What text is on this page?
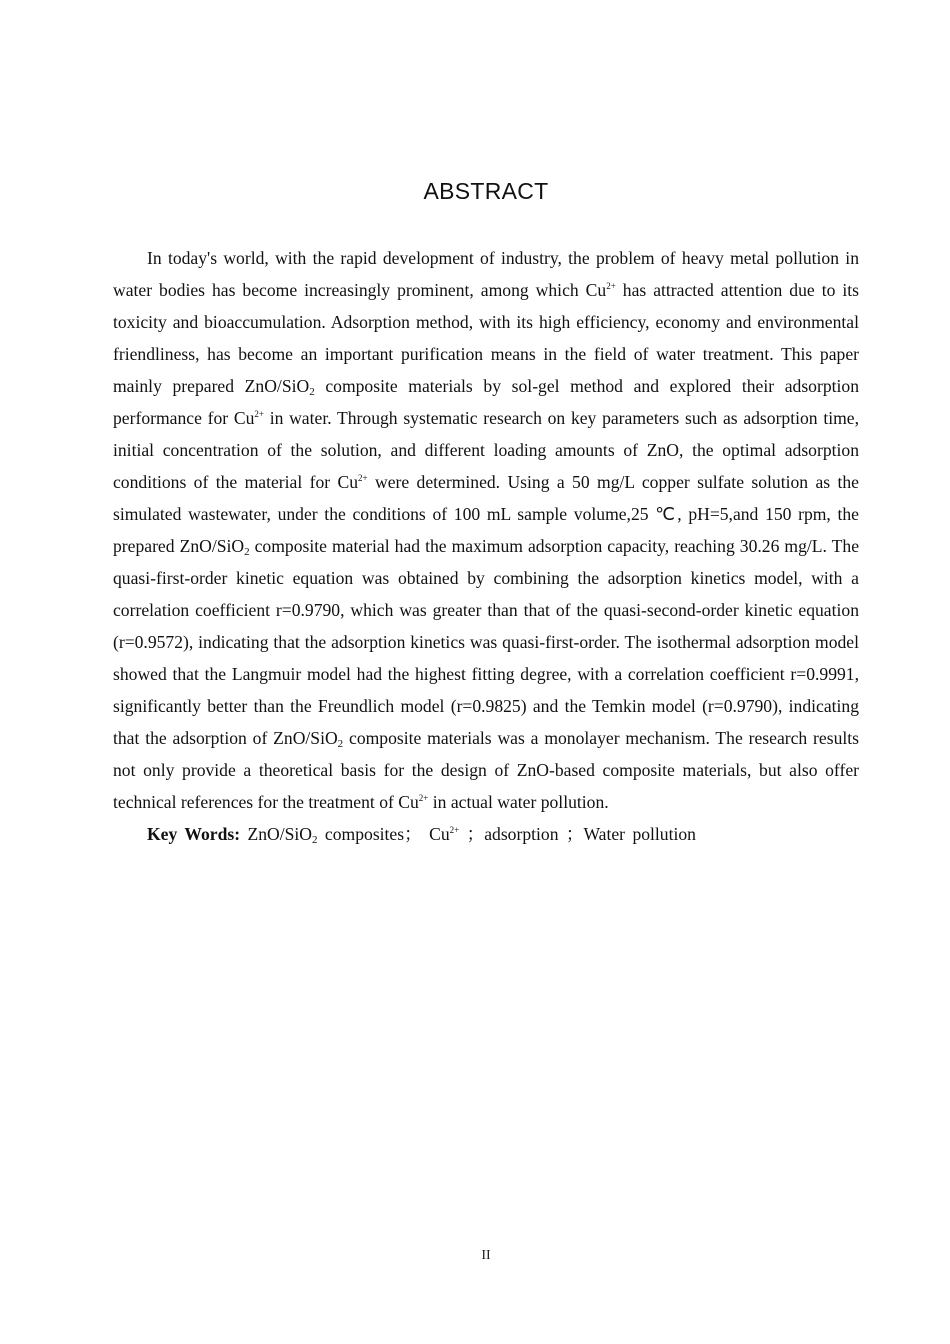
ABSTRACT

In today's world, with the rapid development of industry, the problem of heavy metal pollution in water bodies has become increasingly prominent, among which $Cu^{2+}$ has attracted attention due to its toxicity and bioaccumulation. Adsorption method, with its high efficiency, economy and environmental friendliness, has become an important purification means in the field of water treatment. This paper mainly prepared ZnO/SiO$_2$ composite materials by sol-gel method and explored their adsorption performance for $Cu^{2+}$ in water. Through systematic research on key parameters such as adsorption time, initial concentration of the solution, and different loading amounts of ZnO, the optimal adsorption conditions of the material for $Cu^{2+}$ were determined. Using a 50 mg/L copper sulfate solution as the simulated wastewater, under the conditions of 100 mL sample volume,25 ℃, pH=5,and 150 rpm, the prepared ZnO/SiO$_2$ composite material had the maximum adsorption capacity, reaching 30.26 mg/L. The quasi-first-order kinetic equation was obtained by combining the adsorption kinetics model, with a correlation coefficient r=0.9790, which was greater than that of the quasi-second-order kinetic equation (r=0.9572), indicating that the adsorption kinetics was quasi-first-order. The isothermal adsorption model showed that the Langmuir model had the highest fitting degree, with a correlation coefficient r=0.9991, significantly better than the Freundlich model (r=0.9825) and the Temkin model (r=0.9790), indicating that the adsorption of ZnO/SiO$_2$ composite materials was a monolayer mechanism. The research results not only provide a theoretical basis for the design of ZnO-based composite materials, but also offer technical references for the treatment of $Cu^{2+}$ in actual water pollution.

Key Words: ZnO/SiO$_2$ composites； $Cu^{2+}$ ；adsorption ；Water pollution

II
